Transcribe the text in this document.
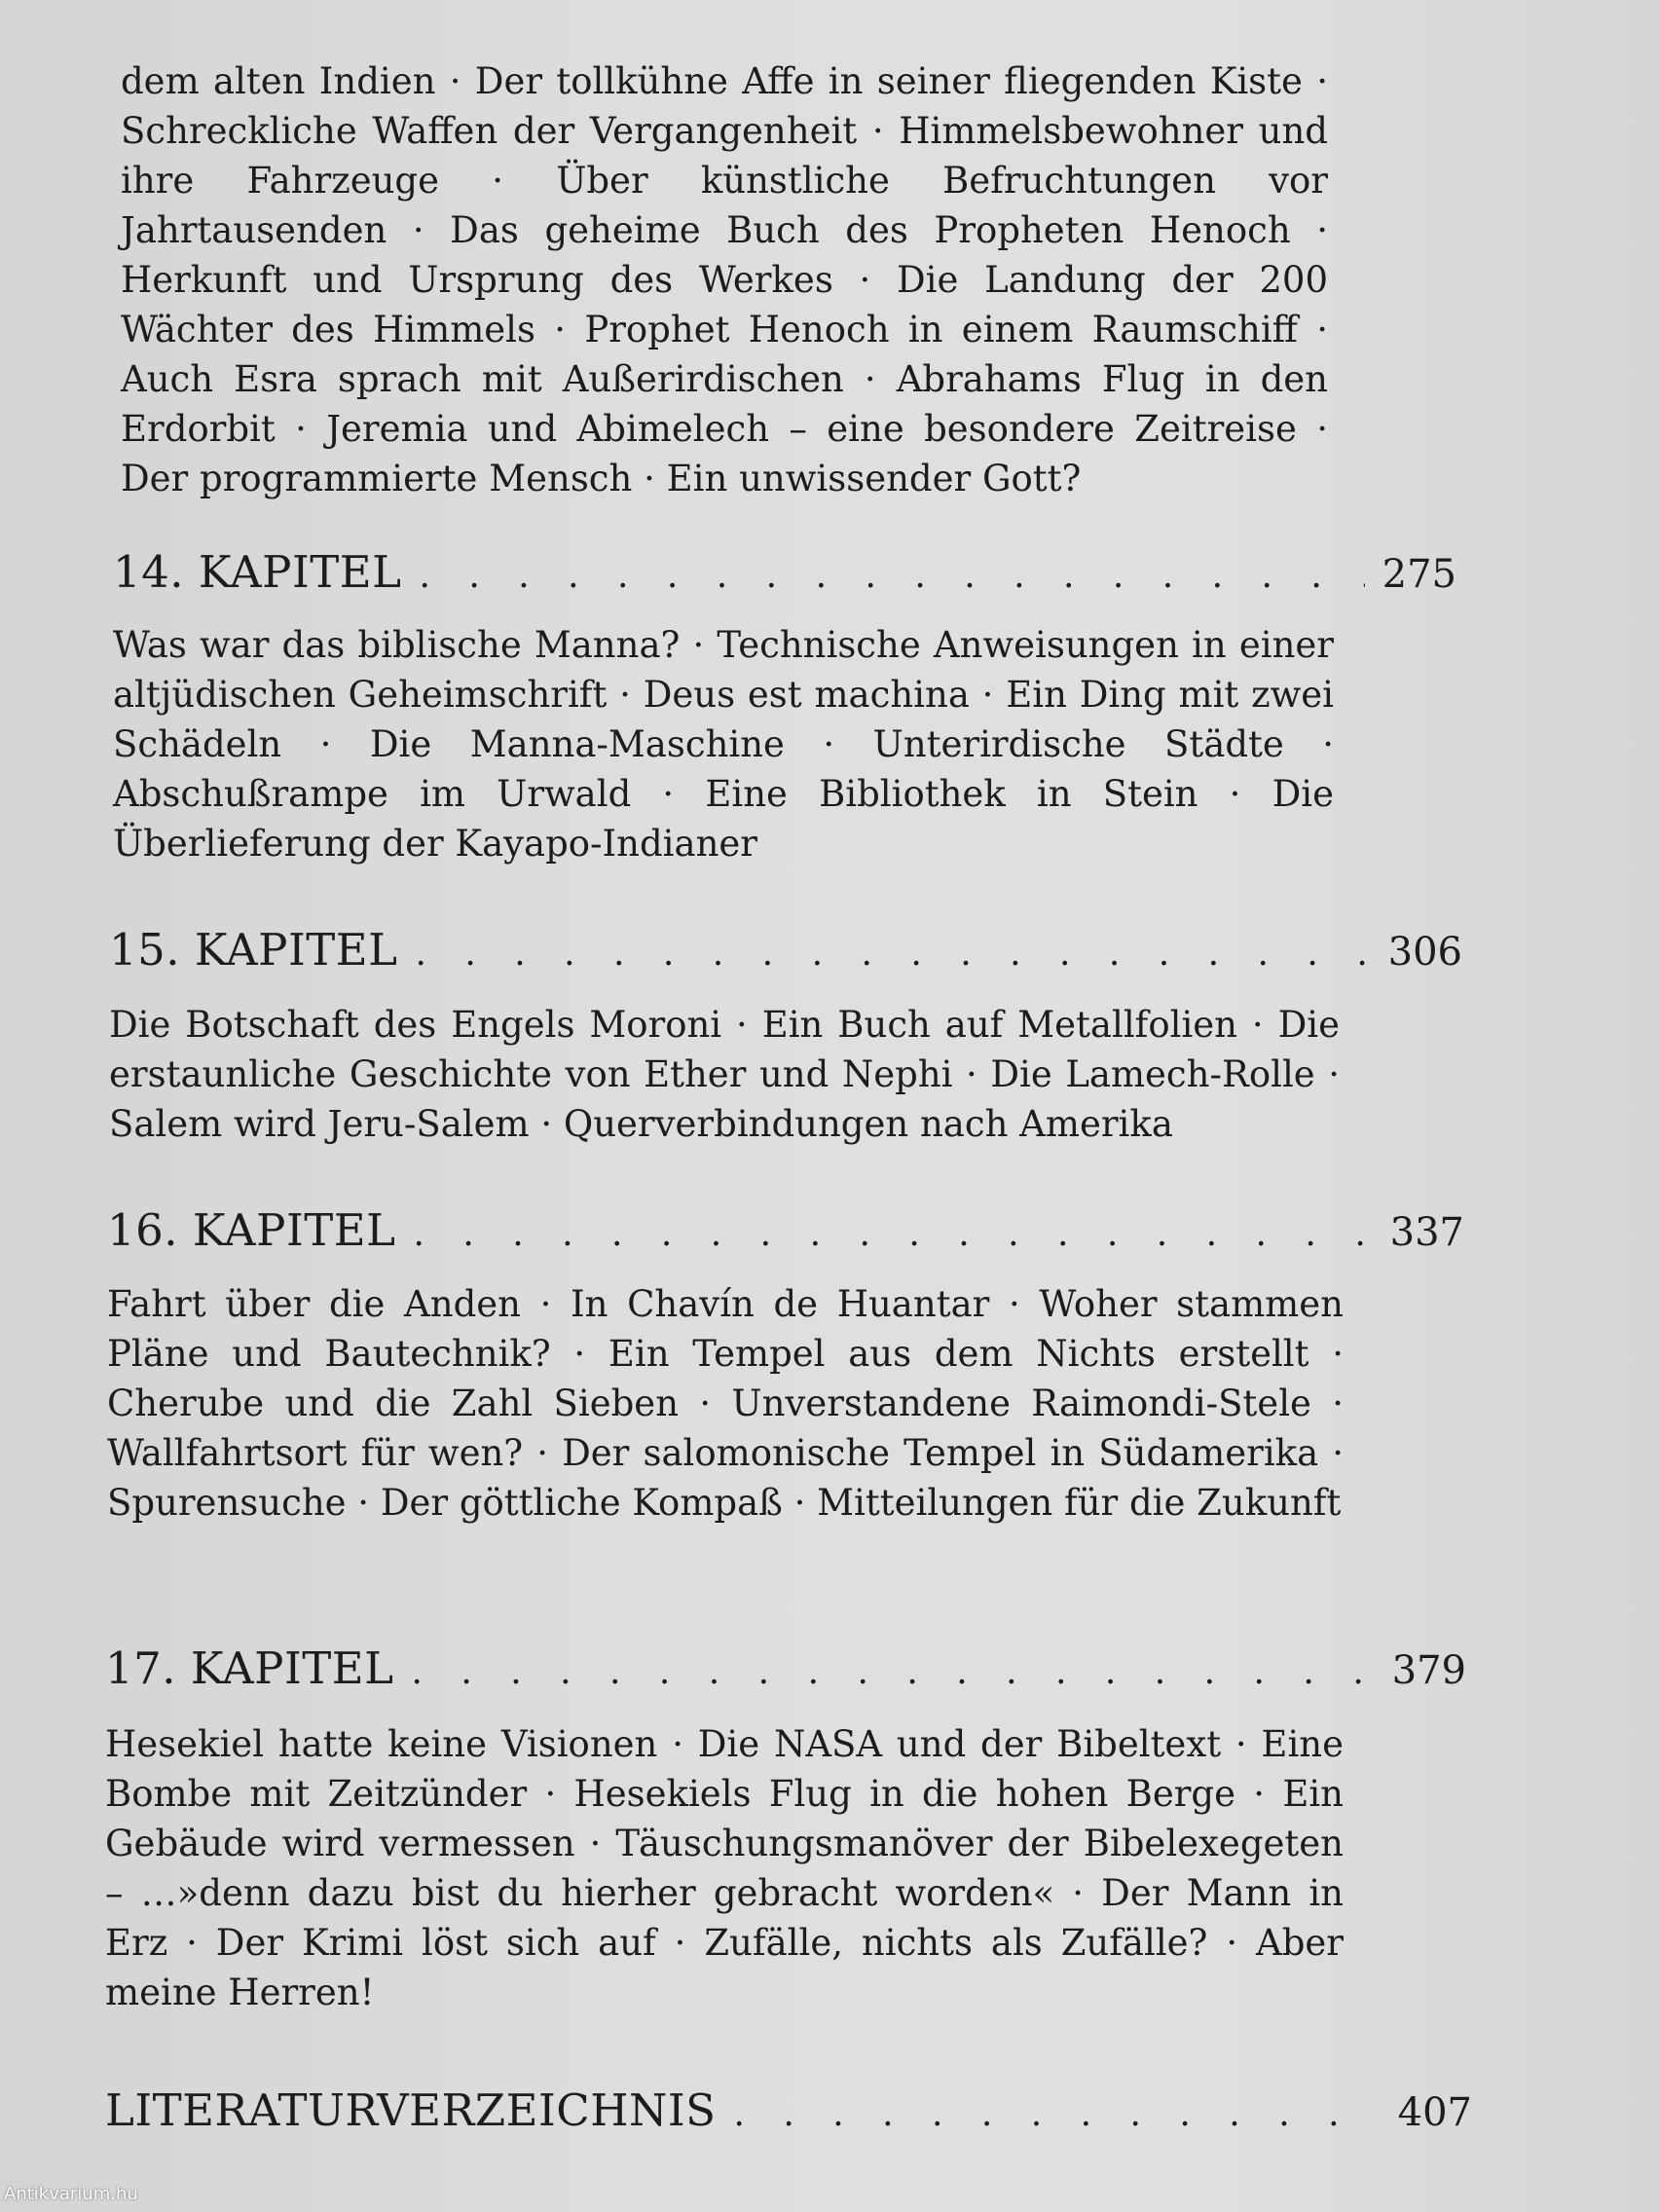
dem alten Indien · Der tollkühne Affe in seiner fliegenden Kiste · Schreckliche Waffen der Vergangenheit · Himmelsbewohner und ihre Fahrzeuge · Über künstliche Befruchtungen vor Jahrtausenden · Das geheime Buch des Propheten Henoch · Herkunft und Ursprung des Werkes · Die Landung der 200 Wächter des Himmels · Prophet Henoch in einem Raumschiff · Auch Esra sprach mit Außerirdischen · Abrahams Flug in den Erdorbit · Jeremia und Abimelech – eine besondere Zeitreise · Der programmierte Mensch · Ein unwissender Gott?

14. KAPITEL . . .	275

Was war das biblische Manna? · Technische Anweisungen in einer altjüdischen Geheimschrift · Deus est machina · Ein Ding mit zwei Schädeln · Die Manna-Maschine · Unterirdische Städte · Abschußrampe im Urwald · Eine Bibliothek in Stein · Die Überlieferung der Kayapo-Indianer

15. KAPITEL . . .	306

Die Botschaft des Engels Moroni · Ein Buch auf Metallfolien · Die erstaunliche Geschichte von Ether und Nephi · Die Lamech-Rolle · Salem wird Jeru-Salem · Querverbindungen nach Amerika

16. KAPITEL . . .	337

Fahrt über die Anden · In Chavín de Huantar · Woher stammen Pläne und Bautechnik? · Ein Tempel aus dem Nichts erstellt · Cherube und die Zahl Sieben · Unverstandene Raimondi-Stele · Wallfahrtsort für wen? · Der salomonische Tempel in Südamerika · Spurensuche · Der göttliche Kompaß · Mitteilungen für die Zukunft

17. KAPITEL . . .	379

Hesekiel hatte keine Visionen · Die NASA und der Bibeltext · Eine Bombe mit Zeitzünder · Hesekiels Flug in die hohen Berge · Ein Gebäude wird vermessen · Täuschungsmanöver der Bibelexegeten – …»denn dazu bist du hierher gebracht worden« · Der Mann in Erz · Der Krimi löst sich auf · Zufälle, nichts als Zufälle? · Aber meine Herren!

LITERATURVERZEICHNIS . . .	407
Antikvarium.hu
